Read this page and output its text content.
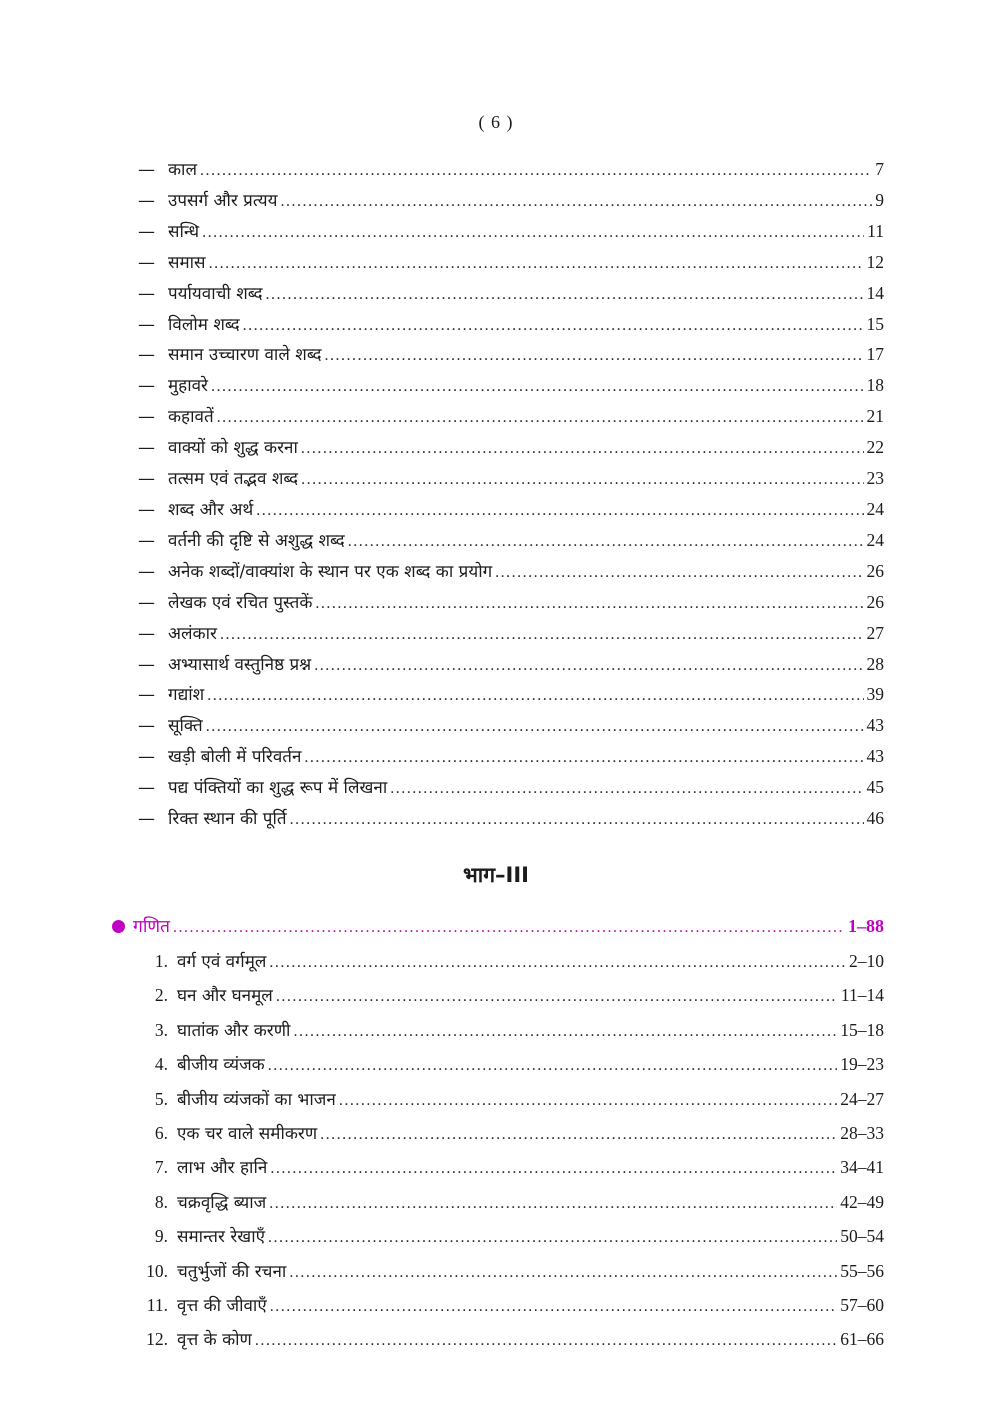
( 6 )
— काल .....	7
— उपसर्ग और प्रत्यय .....	9
— सन्धि .....	11
— समास .....	12
— पर्यायवाची शब्द .....	14
— विलोम शब्द .....	15
— समान उच्चारण वाले शब्द .....	17
— मुहावरे .....	18
— कहावतें .....	21
— वाक्यों को शुद्ध करना .....	22
— तत्सम एवं तद्भव शब्द .....	23
— शब्द और अर्थ .....	24
— वर्तनी की दृष्टि से अशुद्ध शब्द .....	24
— अनेक शब्दों/वाक्यांश के स्थान पर एक शब्द का प्रयोग .....	26
— लेखक एवं रचित पुस्तकें .....	26
— अलंकार .....	27
— अभ्यासार्थ वस्तुनिष्ठ प्रश्न .....	28
— गद्यांश .....	39
— सूक्ति .....	43
— खड़ी बोली में परिवर्तन .....	43
— पद्य पंक्तियों का शुद्ध रूप में लिखना .....	45
— रिक्त स्थान की पूर्ति .....	46
भाग–III
गणित .....	1–88
1. वर्ग एवं वर्गमूल .....	2–10
2. घन और घनमूल .....	11–14
3. घातांक और करणी .....	15–18
4. बीजीय व्यंजक .....	19–23
5. बीजीय व्यंजकों का भाजन .....	24–27
6. एक चर वाले समीकरण .....	28–33
7. लाभ और हानि .....	34–41
8. चक्रवृद्धि ब्याज .....	42–49
9. समान्तर रेखाएँ .....	50–54
10. चतुर्भुजों की रचना .....	55–56
11. वृत्त की जीवाएँ .....	57–60
12. वृत्त के कोण .....	61–66
